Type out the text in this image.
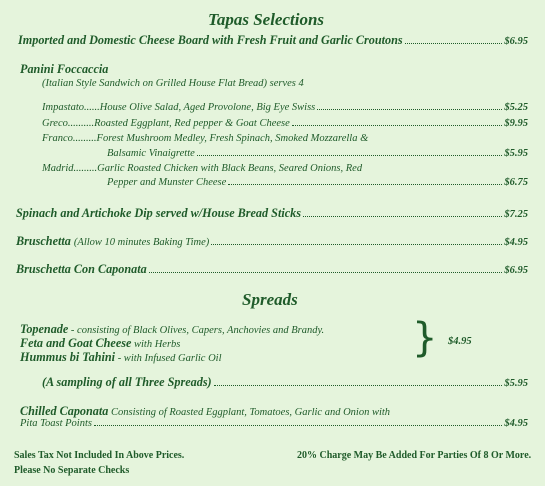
Tapas Selections
Imported and Domestic Cheese Board with Fresh Fruit and Garlic Croutons	$6.95
Panini Foccaccia
(Italian Style Sandwich on Grilled House Flat Bread) serves 4
Impastato ...... House Olive Salad, Aged Provolone, Big Eye Swiss	$5.25
Greco .......... Roasted Eggplant, Red pepper & Goat Cheese	$9.95
Franco.........Forest Mushroom Medley, Fresh Spinach, Smoked Mozzarella &
Balsamic Vinaigrette	$5.95
Madrid.........Garlic Roasted Chicken with Black Beans, Seared Onions, Red
Pepper and Munster Cheese	$6.75
Spinach and Artichoke Dip served w/House Bread Sticks	$7.25
Bruschetta
(Allow 10 minutes Baking Time)	$4.95
Bruschetta Con Caponata	$6.95
Spreads
Topenade - consisting of Black Olives, Capers, Anchovies and Brandy.
Feta and Goat Cheese with Herbs
Hummus bi Tahini - with Infused Garlic Oil	} $4.95
(A sampling of all Three Spreads)	$5.95
Chilled Caponata Consisting of Roasted Eggplant, Tomatoes, Garlic and Onion with
Pita Toast Points	$4.95
Sales Tax Not Included In Above Prices.
Please No Separate Checks
20% Charge May Be Added For Parties Of 8 Or More.
